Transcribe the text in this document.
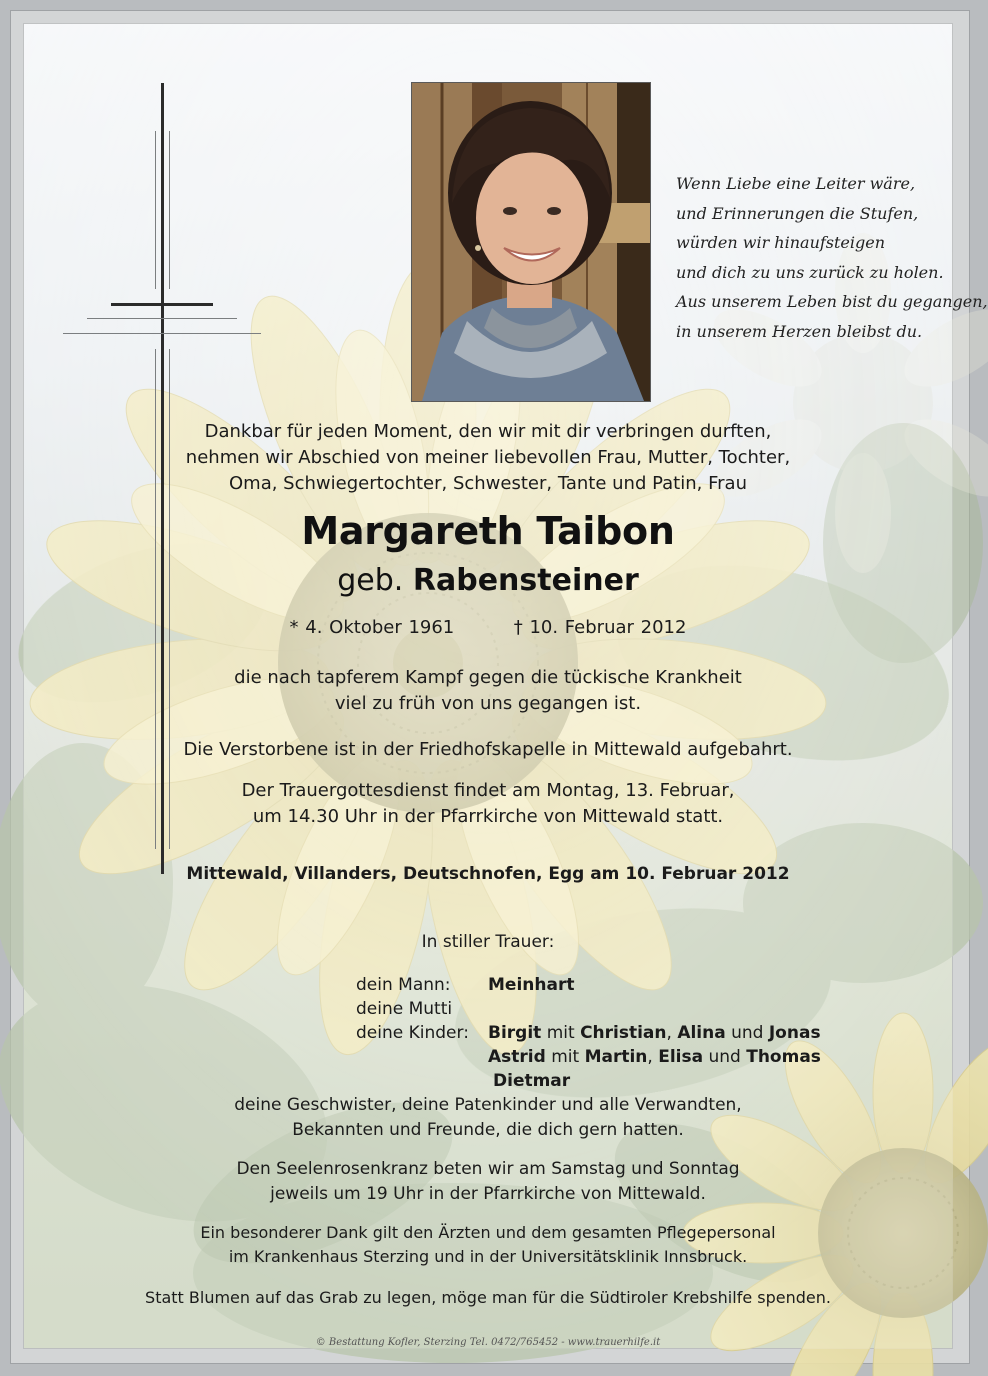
Wenn Liebe eine Leiter wäre,
und Erinnerungen die Stufen,
würden wir hinaufsteigen
und dich zu uns zurück zu holen.
Aus unserem Leben bist du gegangen,
in unserem Herzen bleibst du.
Dankbar für jeden Moment, den wir mit dir verbringen durften,
nehmen wir Abschied von meiner liebevollen Frau, Mutter, Tochter,
Oma, Schwiegertochter, Schwester, Tante und Patin, Frau
Margareth Taibon
geb. Rabensteiner
* 4. Oktober 1961	† 10. Februar 2012
die nach tapferem Kampf gegen die tückische Krankheit
viel zu früh von uns gegangen ist.
Die Verstorbene ist in der Friedhofskapelle in Mittewald aufgebahrt.
Der Trauergottesdienst findet am Montag, 13. Februar,
um 14.30 Uhr in der Pfarrkirche von Mittewald statt.
Mittewald, Villanders, Deutschnofen, Egg am 10. Februar 2012
In stiller Trauer:
dein Mann: Meinhart
deine Mutti
deine Kinder: Birgit mit Christian, Alina und Jonas
Astrid mit Martin, Elisa und Thomas
Dietmar
deine Geschwister, deine Patenkinder und alle Verwandten,
Bekannten und Freunde, die dich gern hatten.
Den Seelenrosenkranz beten wir am Samstag und Sonntag
jeweils um 19 Uhr in der Pfarrkirche von Mittewald.
Ein besonderer Dank gilt den Ärzten und dem gesamten Pflegepersonal
im Krankenhaus Sterzing und in der Universitätsklinik Innsbruck.
Statt Blumen auf das Grab zu legen, möge man für die Südtiroler Krebshilfe spenden.
© Bestattung Kofler, Sterzing Tel. 0472/765452 - www.trauerhilfe.it
